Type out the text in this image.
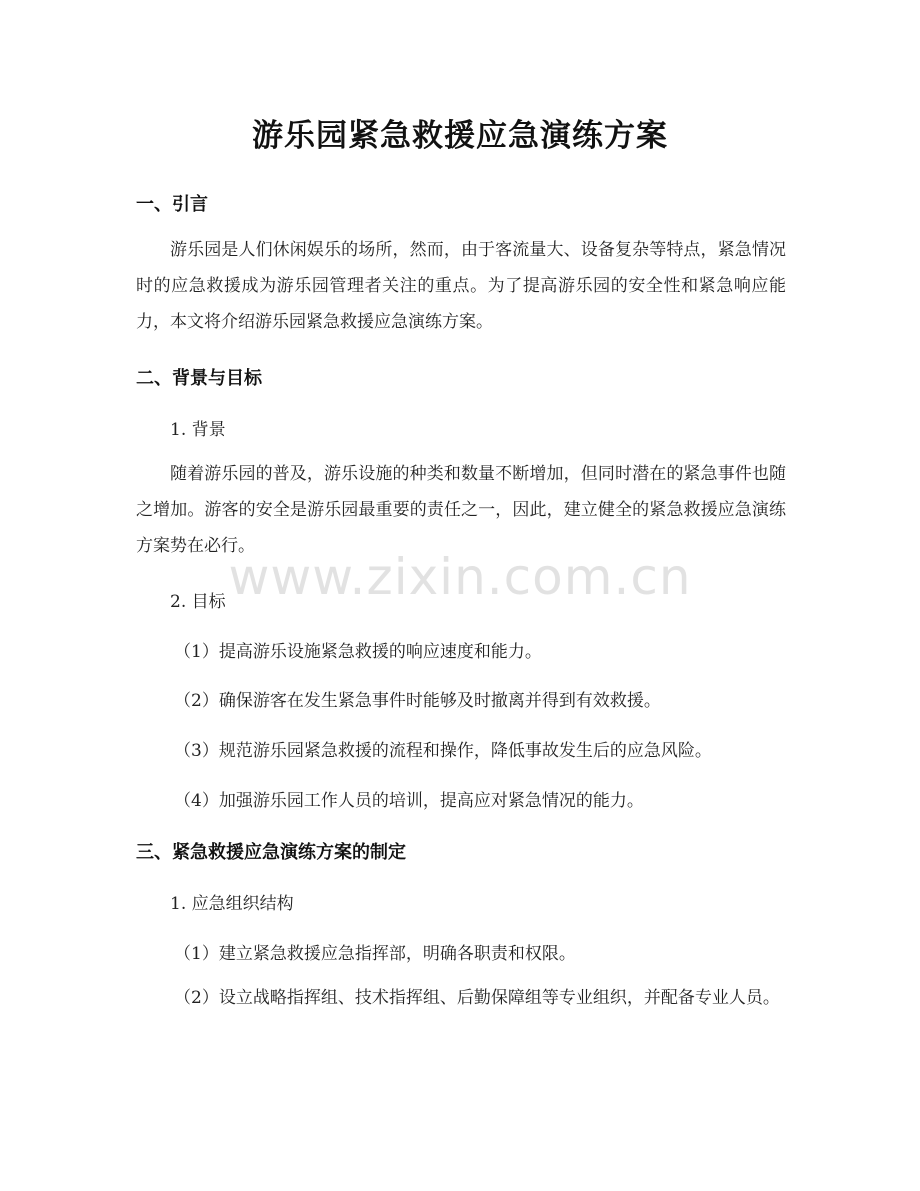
游乐园紧急救援应急演练方案
一、引言
游乐园是人们休闲娱乐的场所，然而，由于客流量大、设备复杂等特点，紧急情况时的应急救援成为游乐园管理者关注的重点。为了提高游乐园的安全性和紧急响应能力，本文将介绍游乐园紧急救援应急演练方案。
二、背景与目标
1. 背景
随着游乐园的普及，游乐设施的种类和数量不断增加，但同时潜在的紧急事件也随之增加。游客的安全是游乐园最重要的责任之一，因此，建立健全的紧急救援应急演练方案势在必行。
www.zixin.com.cn
2. 目标
（1）提高游乐设施紧急救援的响应速度和能力。
（2）确保游客在发生紧急事件时能够及时撤离并得到有效救援。
（3）规范游乐园紧急救援的流程和操作，降低事故发生后的应急风险。
（4）加强游乐园工作人员的培训，提高应对紧急情况的能力。
三、紧急救援应急演练方案的制定
1. 应急组织结构
（1）建立紧急救援应急指挥部，明确各职责和权限。
（2）设立战略指挥组、技术指挥组、后勤保障组等专业组织，并配备专业人员。
